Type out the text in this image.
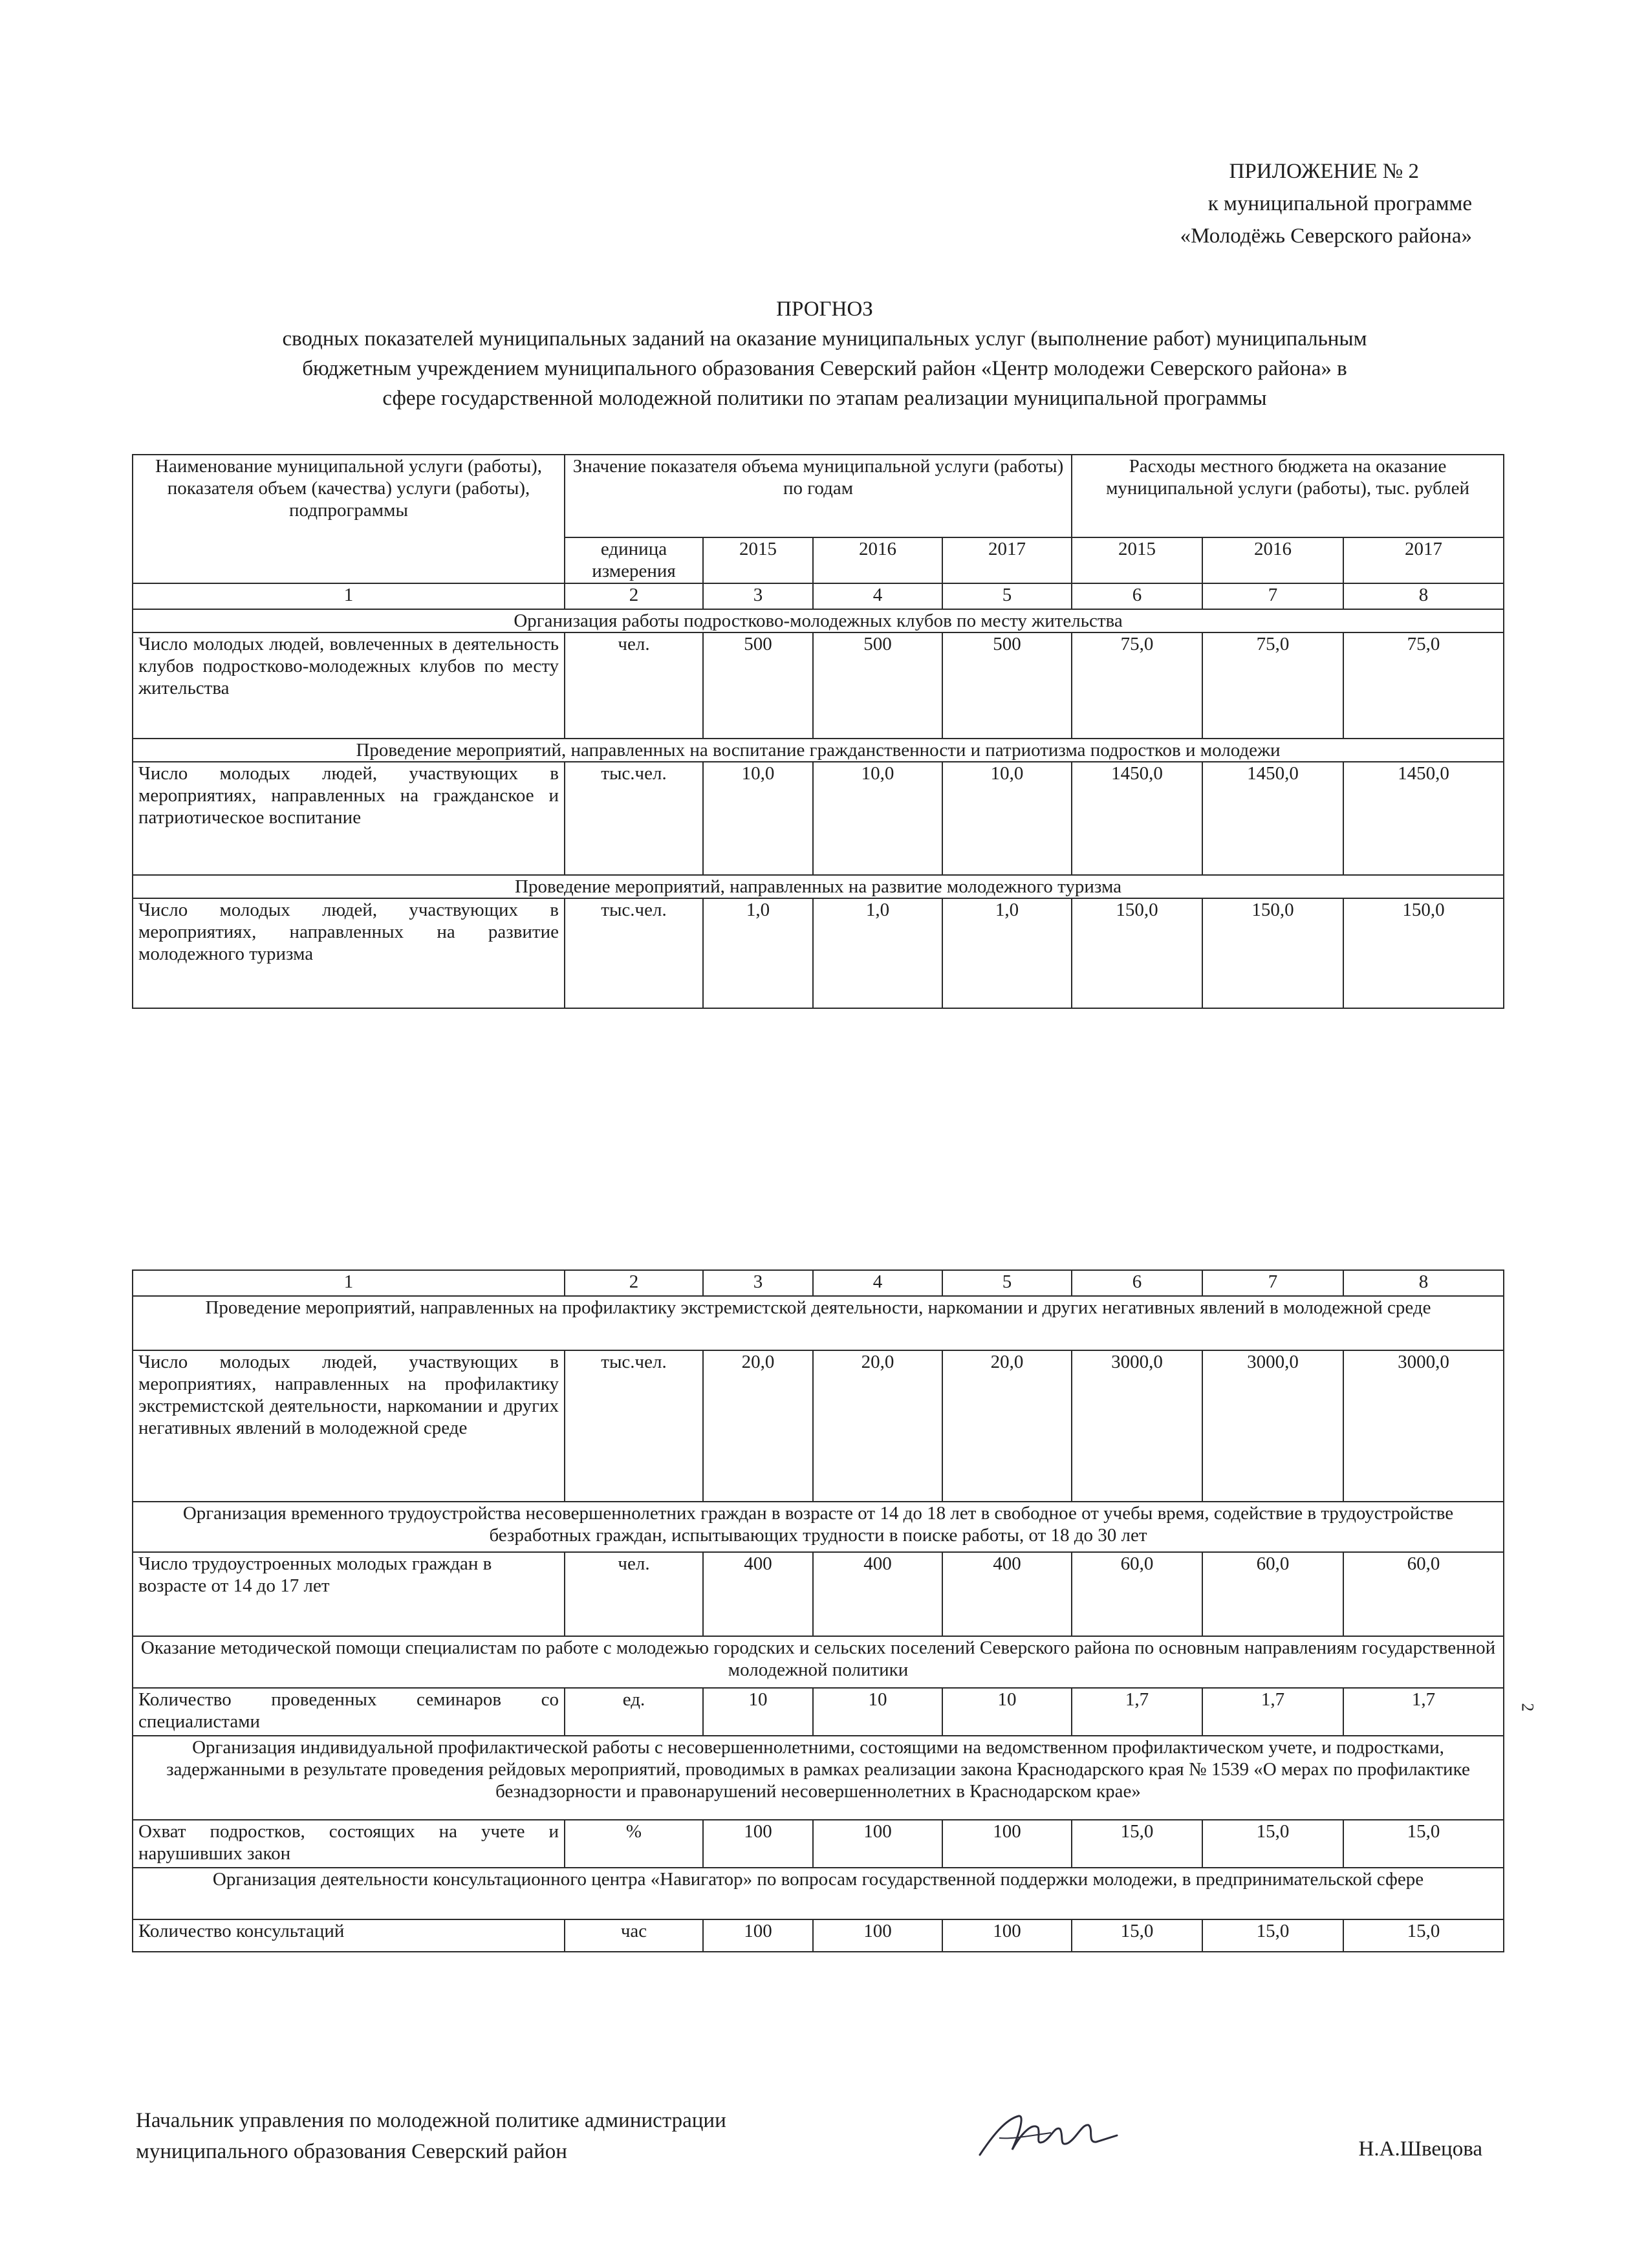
ПРИЛОЖЕНИЕ № 2
к муниципальной программе
«Молодёжь Северского района»
ПРОГНОЗ
сводных показателей муниципальных заданий на оказание муниципальных услуг (выполнение работ) муниципальным
бюджетным учреждением муниципального образования Северский район «Центр молодежи Северского района» в
сфере государственной молодежной политики по этапам реализации муниципальной программы
Наименование муниципальной услуги (работы), показателя объем (качества) услуги (работы), подпрограммы	Значение показателя объема муниципальной услуги (работы) по годам				Расходы местного бюджета на оказание муниципальной услуги (работы), тыс. рублей		
	единица измерения	2015	2016	2017	2015	2016	2017
1	2	3	4	5	6	7	8
Организация работы подростково-молодежных клубов по месту жительства							
Число молодых людей, вовлеченных в деятельность клубов подростково-молодежных клубов по месту жительства	чел.	500	500	500	75,0	75,0	75,0
Проведение мероприятий, направленных на воспитание гражданственности и патриотизма подростков и молодежи							
Число молодых людей, участвующих в мероприятиях, направленных на гражданское и патриотическое воспитание	тыс.чел.	10,0	10,0	10,0	1450,0	1450,0	1450,0
Проведение мероприятий, направленных на развитие молодежного туризма							
Число молодых людей, участвующих в мероприятиях, направленных на развитие молодежного туризма	тыс.чел.	1,0	1,0	1,0	150,0	150,0	150,0
1	2	3	4	5	6	7	8
Проведение мероприятий, направленных на профилактику экстремистской деятельности, наркомании и других негативных явлений в молодежной среде							
Число молодых людей, участвующих в мероприятиях, направленных на профилактику экстремистской деятельности, наркомании и других негативных явлений в молодежной среде	тыс.чел.	20,0	20,0	20,0	3000,0	3000,0	3000,0
Организация временного трудоустройства несовершеннолетних граждан в возрасте от 14 до 18 лет в свободное от учебы время, содействие в трудоустройстве безработных граждан, испытывающих трудности в поиске работы, от 18 до 30 лет							
Число трудоустроенных молодых граждан в возрасте от 14 до 17 лет	чел.	400	400	400	60,0	60,0	60,0
Оказание методической помощи специалистам по работе с молодежью городских и сельских поселений Северского района по основным направлениям государственной молодежной политики							
Количество проведенных семинаров со специалистами	ед.	10	10	10	1,7	1,7	1,7
Организация индивидуальной профилактической работы с несовершеннолетними, состоящими на ведомственном профилактическом учете, и подростками, задержанными в результате проведения рейдовых мероприятий, проводимых в рамках реализации закона Краснодарского края № 1539 «О мерах по профилактике безнадзорности и правонарушений несовершеннолетних в Краснодарском крае»							
Охват подростков, состоящих на учете и нарушивших закон	%	100	100	100	15,0	15,0	15,0
Организация деятельности консультационного центра «Навигатор» по вопросам государственной поддержки молодежи, в предпринимательской сфере							
Количество консультаций	час	100	100	100	15,0	15,0	15,0
2
Начальник управления по молодежной политике администрации
муниципального образования Северский район	Н.А.Швецова
